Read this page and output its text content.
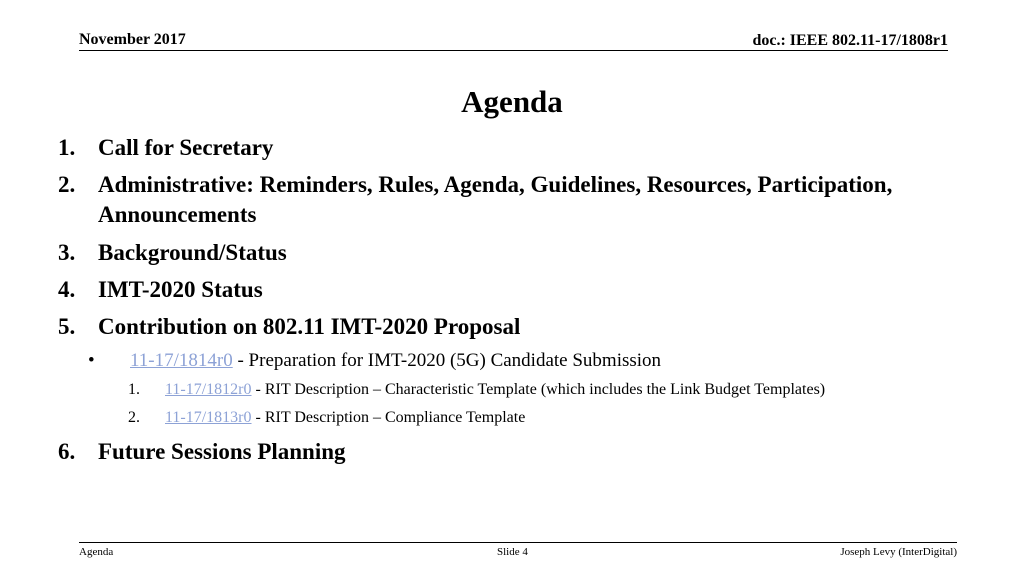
November 2017	doc.: IEEE 802.11-17/1808r1
Agenda
1. Call for Secretary
2. Administrative: Reminders, Rules, Agenda, Guidelines, Resources, Participation,
Announcements
3. Background/Status
4. IMT-2020 Status
5. Contribution on 802.11 IMT-2020 Proposal
• 11-17/1814r0 - Preparation for IMT-2020 (5G) Candidate Submission
1. 11-17/1812r0 - RIT Description – Characteristic Template (which includes the Link Budget Templates)
2. 11-17/1813r0 - RIT Description – Compliance Template
6. Future Sessions Planning
Agenda	Slide 4	Joseph Levy (InterDigital)
